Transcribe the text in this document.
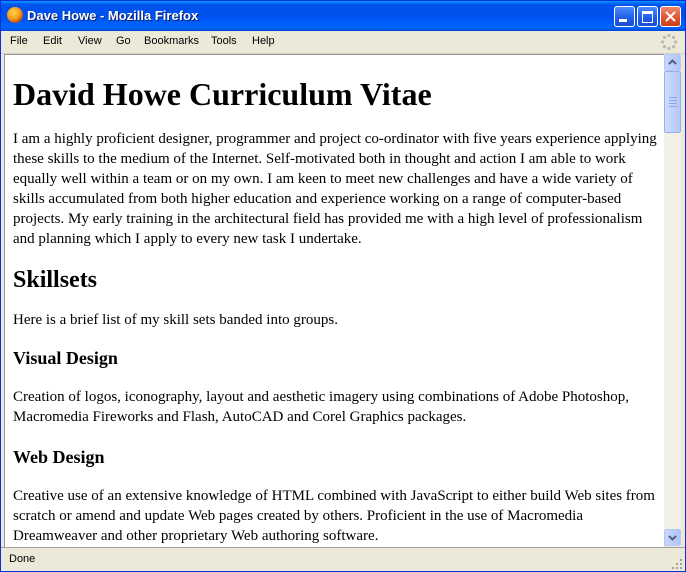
Dave Howe - Mozilla Firefox
File Edit View Go Bookmarks Tools Help
David Howe Curriculum Vitae

I am a highly proficient designer, programmer and project co-ordinator with five years experience applying these skills to the medium of the Internet. Self-motivated both in thought and action I am able to work equally well within a team or on my own. I am keen to meet new challenges and have a wide variety of skills accumulated from both higher education and experience working on a range of computer-based projects. My early training in the architectural field has provided me with a high level of professionalism and planning which I apply to every new task I undertake.

Skillsets

Here is a brief list of my skill sets banded into groups.

Visual Design

Creation of logos, iconography, layout and aesthetic imagery using combinations of Adobe Photoshop, Macromedia Fireworks and Flash, AutoCAD and Corel Graphics packages.

Web Design

Creative use of an extensive knowledge of HTML combined with JavaScript to either build Web sites from scratch or amend and update Web pages created by others. Proficient in the use of Macromedia Dreamweaver and other proprietary Web authoring software.

Done
